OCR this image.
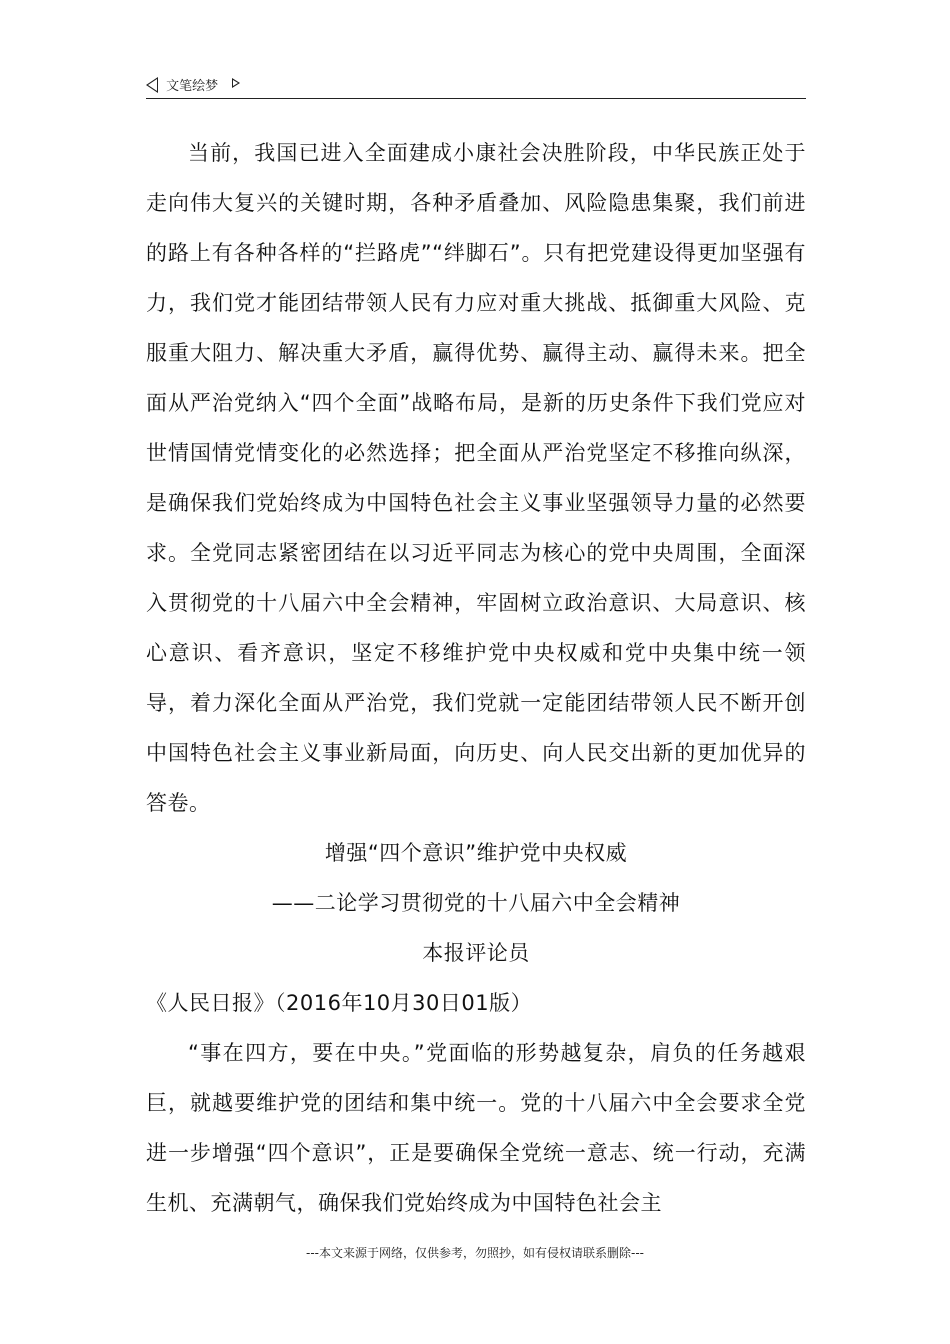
文笔绘梦

当前，我国已进入全面建成小康社会决胜阶段，中华民族正处于走向伟大复兴的关键时期，各种矛盾叠加、风险隐患集聚，我们前进的路上有各种各样的“拦路虎”“绊脚石”。只有把党建设得更加坚强有力，我们党才能团结带领人民有力应对重大挑战、抵御重大风险、克服重大阻力、解决重大矛盾，赢得优势、赢得主动、赢得未来。把全面从严治党纳入“四个全面”战略布局，是新的历史条件下我们党应对世情国情党情变化的必然选择；把全面从严治党坚定不移推向纵深，是确保我们党始终成为中国特色社会主义事业坚强领导力量的必然要求。全党同志紧密团结在以习近平同志为核心的党中央周围，全面深入贯彻党的十八届六中全会精神，牢固树立政治意识、大局意识、核心意识、看齐意识，坚定不移维护党中央权威和党中央集中统一领导，着力深化全面从严治党，我们党就一定能团结带领人民不断开创中国特色社会主义事业新局面，向历史、向人民交出新的更加优异的答卷。

增强“四个意识”维护党中央权威

——二论学习贯彻党的十八届六中全会精神

本报评论员

《人民日报》（2016年10月30日01版）

“事在四方，要在中央。”党面临的形势越复杂，肩负的任务越艰巨，就越要维护党的团结和集中统一。党的十八届六中全会要求全党进一步增强“四个意识”，正是要确保全党统一意志、统一行动，充满生机、充满朝气，确保我们党始终成为中国特色社会主

---本文来源于网络，仅供参考，勿照抄，如有侵权请联系删除---
